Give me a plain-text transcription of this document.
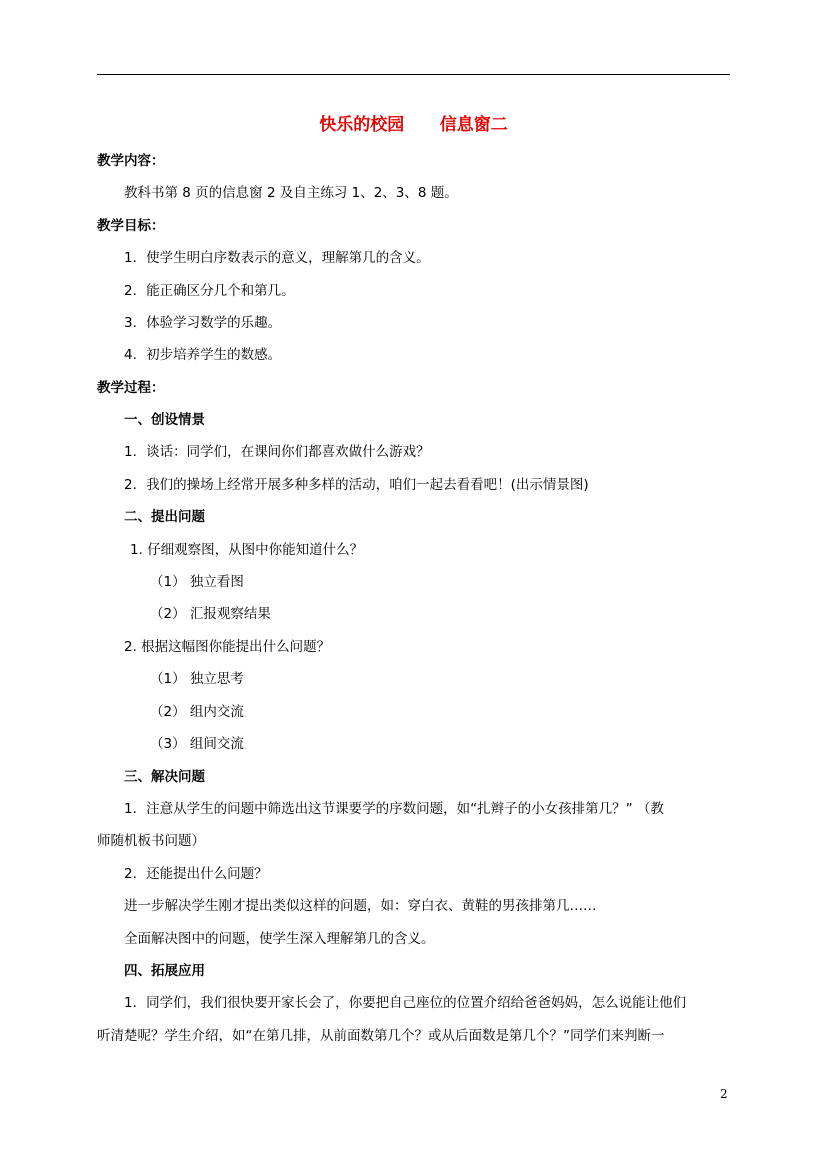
快乐的校园      信息窗二
教学内容：
教科书第 8 页的信息窗 2 及自主练习 1、2、3、8 题。
教学目标：
1．使学生明白序数表示的意义，理解第几的含义。
2．能正确区分几个和第几。
3．体验学习数学的乐趣。
4．初步培养学生的数感。
教学过程：
一、创设情景
1．谈话：同学们，在课间你们都喜欢做什么游戏？
2．我们的操场上经常开展多种多样的活动，咱们一起去看看吧！(出示情景图)
二、提出问题
1. 仔细观察图，从图中你能知道什么？
（1） 独立看图
（2） 汇报观察结果
2. 根据这幅图你能提出什么问题？
（1） 独立思考
（2） 组内交流
（3） 组间交流
三、解决问题
1．注意从学生的问题中筛选出这节课要学的序数问题，如“扎辫子的小女孩排第几？” （教
师随机板书问题）
2．还能提出什么问题？
进一步解决学生刚才提出类似这样的问题，如：穿白衣、黄鞋的男孩排第几……
全面解决图中的问题，使学生深入理解第几的含义。
四、拓展应用
1．同学们，我们很快要开家长会了，你要把自己座位的位置介绍给爸爸妈妈，怎么说能让他们
听清楚呢？学生介绍，如“在第几排，从前面数第几个？或从后面数是第几个？”同学们来判断一
2
